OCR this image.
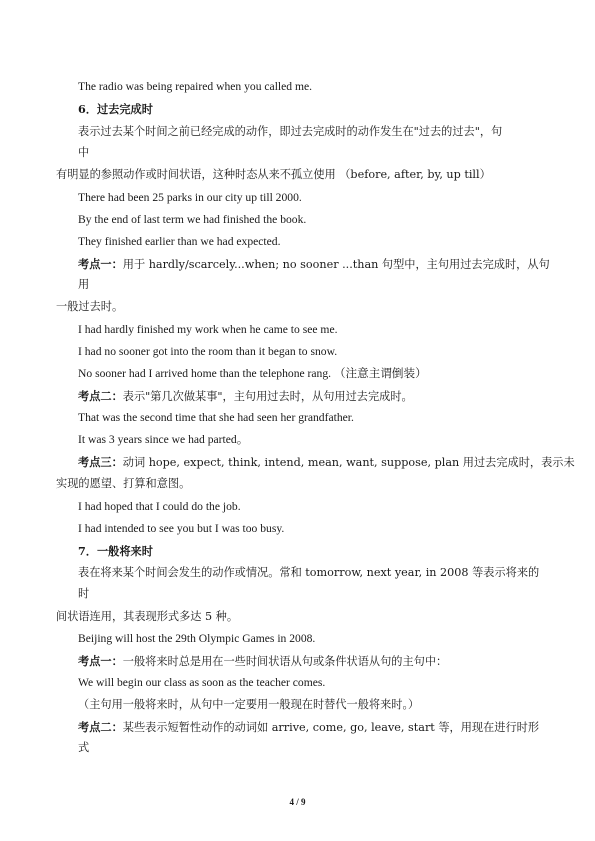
4 / 9
The radio was being repaired when you called me.
6．过去完成时
表示过去某个时间之前已经完成的动作，即过去完成时的动作发生在"过去的过去"，句
中
有明显的参照动作或时间状语，这种时态从来不孤立使用 （before, after, by, up till）
There had been 25 parks in our city up till 2000.
By the end of last term we had finished the book.
They finished earlier than we had expected.
考点一：用于 hardly/scarcely...when; no sooner ...than 句型中，主句用过去完成时，从句
用
一般过去时。
I had hardly finished my work when he came to see me.
I had no sooner got into the room than it began to snow.
No sooner had I arrived home than the telephone rang. （注意主谓倒装）
考点二：表示"第几次做某事"，主句用过去时，从句用过去完成时。
That was the second time that she had seen her grandfather.
It was 3 years since we had parted。
考点三：动词 hope, expect, think, intend, mean, want, suppose, plan 用过去完成时，表示未
实现的愿望、打算和意图。
I had hoped that I could do the job.
I had intended to see you but I was too busy.
7．一般将来时
表在将来某个时间会发生的动作或情况。常和 tomorrow, next year, in 2008 等表示将来的
时
间状语连用，其表现形式多达 5 种。
Beijing will host the 29th Olympic Games in 2008.
考点一：一般将来时总是用在一些时间状语从句或条件状语从句的主句中：
We will begin our class as soon as the teacher comes.
（主句用一般将来时，从句中一定要用一般现在时替代一般将来时。）
考点二：某些表示短暂性动作的动词如 arrive, come, go, leave, start 等，用现在进行时形
式
